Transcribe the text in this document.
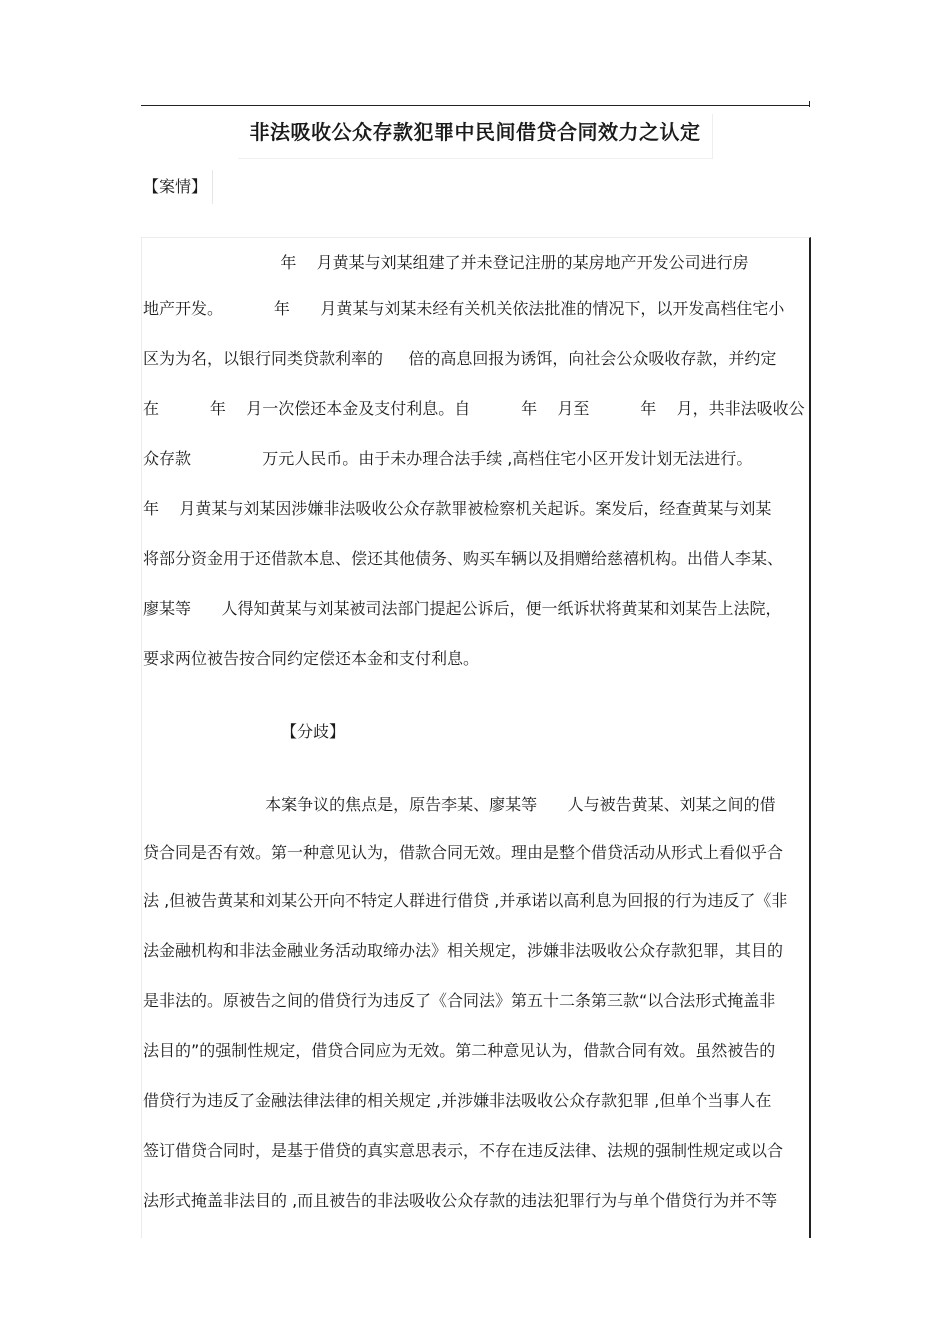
非法吸收公众存款犯罪中民间借贷合同效力之认定
【案情】
年    月黄某与刘某组建了并未登记注册的某房地产开发公司进行房
地产开发。          年      月黄某与刘某未经有关机关依法批准的情况下，以开发高档住宅小
区为为名，以银行同类贷款利率的     倍的高息回报为诱饵，向社会公众吸收存款，并约定
在          年    月一次偿还本金及支付利息。自          年    月至          年    月，共非法吸收公
众存款              万元人民币。由于未办理合法手续 ,高档住宅小区开发计划无法进行。
年    月黄某与刘某因涉嫌非法吸收公众存款罪被检察机关起诉。案发后，经查黄某与刘某
将部分资金用于还借款本息、偿还其他债务、购买车辆以及捐赠给慈禧机构。出借人李某、
廖某等      人得知黄某与刘某被司法部门提起公诉后，便一纸诉状将黄某和刘某告上法院，
要求两位被告按合同约定偿还本金和支付利息。
【分歧】
本案争议的焦点是，原告李某、廖某等      人与被告黄某、刘某之间的借
贷合同是否有效。第一种意见认为，借款合同无效。理由是整个借贷活动从形式上看似乎合
法 ,但被告黄某和刘某公开向不特定人群进行借贷 ,并承诺以高利息为回报的行为违反了《非
法金融机构和非法金融业务活动取缔办法》相关规定，涉嫌非法吸收公众存款犯罪，其目的
是非法的。原被告之间的借贷行为违反了《合同法》第五十二条第三款“以合法形式掩盖非
法目的”的强制性规定，借贷合同应为无效。第二种意见认为，借款合同有效。虽然被告的
借贷行为违反了金融法律法律的相关规定 ,并涉嫌非法吸收公众存款犯罪 ,但单个当事人在
签订借贷合同时，是基于借贷的真实意思表示，不存在违反法律、法规的强制性规定或以合
法形式掩盖非法目的 ,而且被告的非法吸收公众存款的违法犯罪行为与单个借贷行为并不等
